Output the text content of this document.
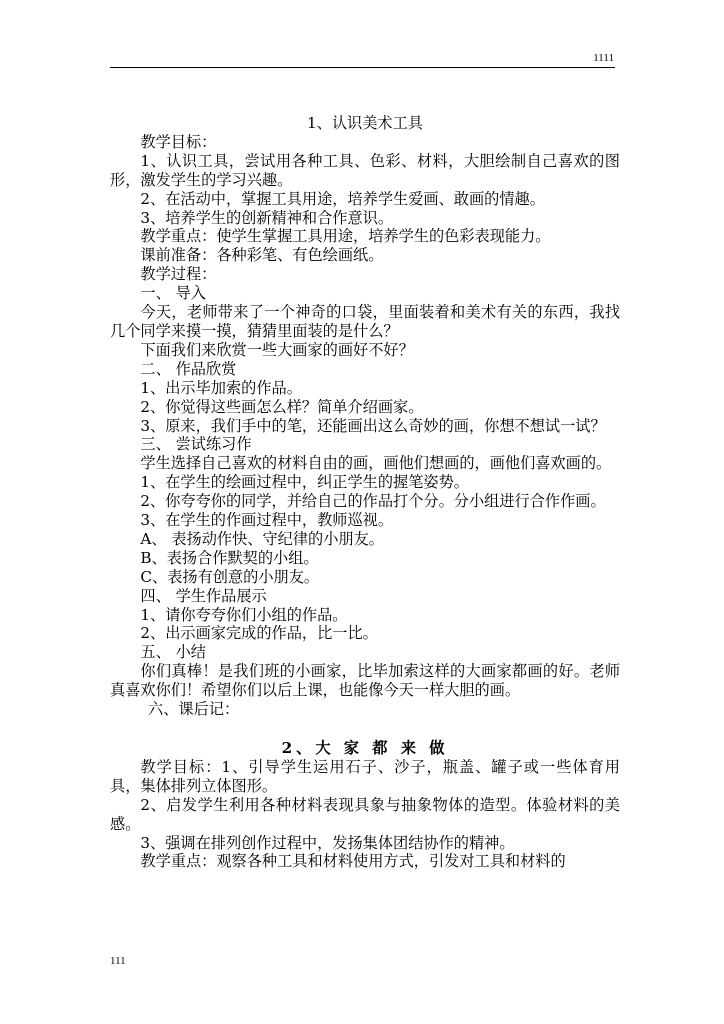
1111

1、认识美术工具

教学目标：

1、认识工具，尝试用各种工具、色彩、材料，大胆绘制自己喜欢的图形，激发学生的学习兴趣。

2、在活动中，掌握工具用途，培养学生爱画、敢画的情趣。

3、培养学生的创新精神和合作意识。

教学重点：使学生掌握工具用途，培养学生的色彩表现能力。

课前准备：各种彩笔、有色绘画纸。

教学过程：

一、 导入

今天，老师带来了一个神奇的口袋，里面装着和美术有关的东西，我找几个同学来摸一摸，猜猜里面装的是什么？

下面我们来欣赏一些大画家的画好不好？

二、 作品欣赏

1、出示毕加索的作品。

2、你觉得这些画怎么样？简单介绍画家。

3、原来，我们手中的笔，还能画出这么奇妙的画，你想不想试一试？

三、 尝试练习作

学生选择自己喜欢的材料自由的画，画他们想画的，画他们喜欢画的。

1、在学生的绘画过程中，纠正学生的握笔姿势。

2、你夸夸你的同学，并给自己的作品打个分。分小组进行合作作画。

3、在学生的作画过程中，教师巡视。

A、 表扬动作快、守纪律的小朋友。

B、表扬合作默契的小组。

C、表扬有创意的小朋友。

四、 学生作品展示

1、请你夸夸你们小组的作品。

2、出示画家完成的作品，比一比。

五、 小结

你们真棒！是我们班的小画家，比毕加索这样的大画家都画的好。老师真喜欢你们！希望你们以后上课，也能像今天一样大胆的画。

六、课后记：

2、大 家 都 来 做

教学目标：1、引导学生运用石子、沙子，瓶盖、罐子或一些体育用具，集体排列立体图形。

2、启发学生利用各种材料表现具象与抽象物体的造型。体验材料的美感。

3、强调在排列创作过程中，发扬集体团结协作的精神。

教学重点：观察各种工具和材料使用方式，引发对工具和材料的

111
